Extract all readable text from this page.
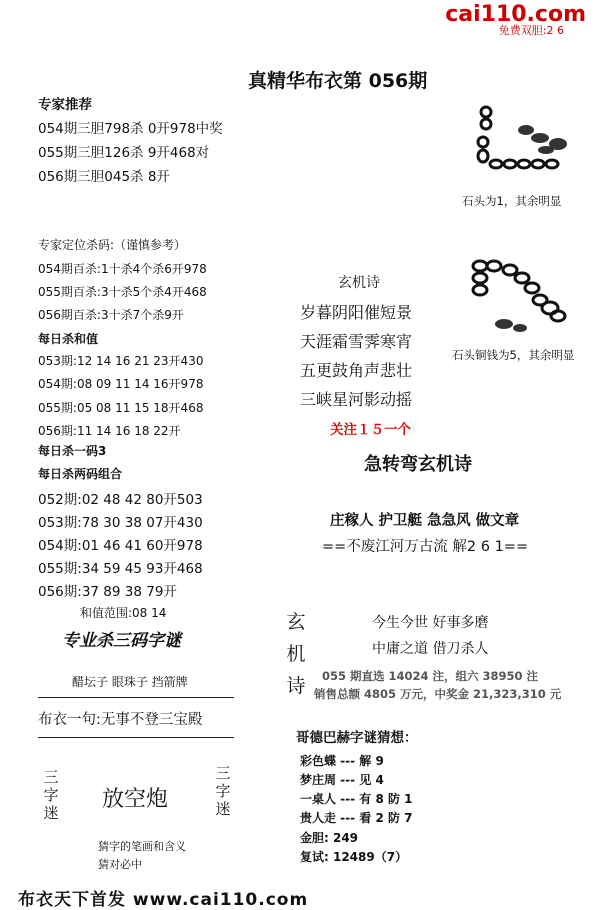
cai110.com
免费双胆:2 6
真精华布衣第 056期
专家推荐
054期三胆798杀 0开978中奖
055期三胆126杀 9开468对
056期三胆045杀 8开
专家定位杀码:（谨慎参考）
054期百杀:1十杀4个杀6开978
055期百杀:3十杀5个杀4开468
056期百杀:3十杀7个杀9开
每日杀和值
053期:12 14 16 21 23开430
054期:08 09 11 14 16开978
055期:05 08 11 15 18开468
056期:11 14 16 18 22开
每日杀一码3
每日杀两码组合
052期:02 48 42 80开503
053期:78 30 38 07开430
054期:01 46 41 60开978
055期:34 59 45 93开468
056期:37 89 38 79开
和值范围:08 14
专业杀三码字谜
醋坛子 眼珠子 挡箭牌
布衣一句:无事不登三宝殿
三字迷
放空炮
三字迷
猜字的笔画和含义
猜对必中
布衣天下首发 www.cai110.com
石头为1，其余明显
石头铜钱为5，其余明显
玄机诗
岁暮阴阳催短景
天涯霜雪霁寒宵
五更鼓角声悲壮
三峡星河影动摇
关注１５一个
急转弯玄机诗
庄稼人 护卫艇 急急风 做文章
==不废江河万古流 解2 6 1==
玄
机
诗
今生今世 好事多磨
中庸之道 借刀杀人
055 期直选 14024 注，组六 38950 注
销售总额 4805 万元，中奖金 21,323,310 元
哥德巴赫字谜猜想：
彩色蝶 --- 解 9
梦庄周 --- 见 4
一桌人 --- 有 8 防 1
贵人走 --- 看 2 防 7
金胆: 249
复试: 12489（7）
